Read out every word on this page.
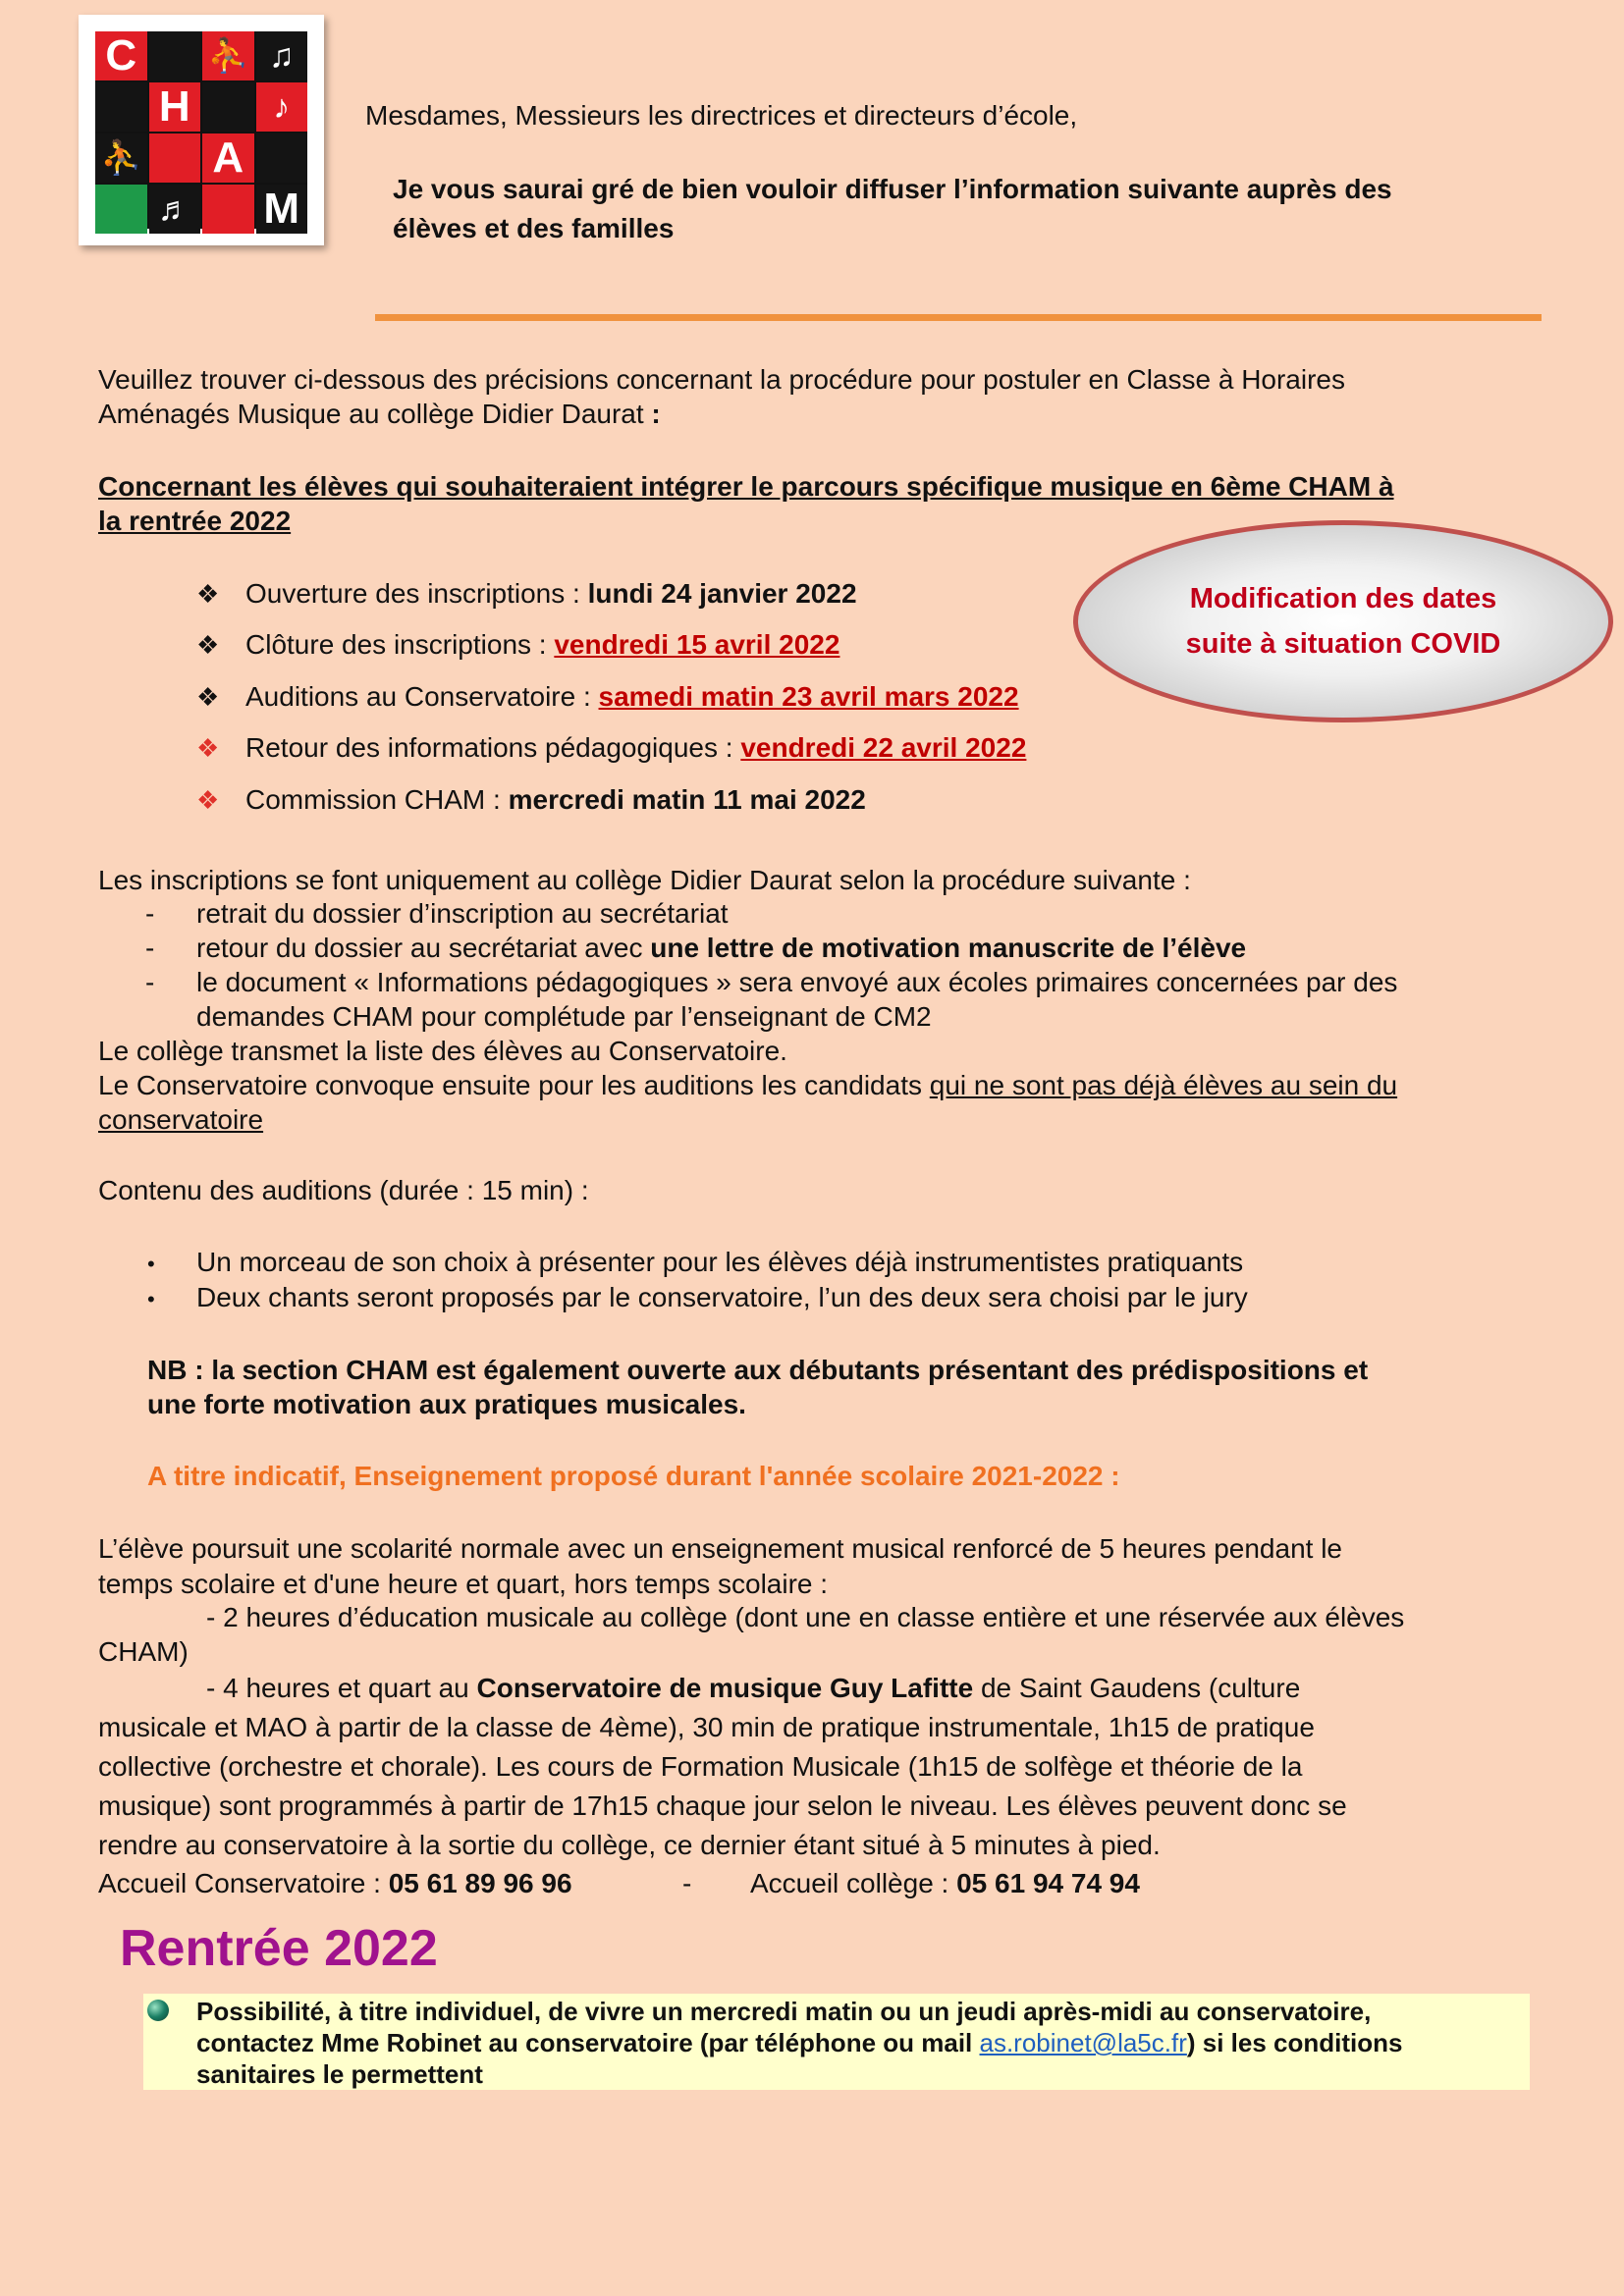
C	⛹ ♫
H	♪
⛹ A
♬ M
Mesdames, Messieurs les directrices et directeurs d’école,
Je vous saurai gré de bien vouloir diffuser l’information suivante auprès des
élèves et des familles
Veuillez trouver ci-dessous des précisions concernant la procédure pour postuler en Classe à Horaires
Aménagés Musique au collège Didier Daurat :
Concernant les élèves qui souhaiteraient intégrer le parcours spécifique musique en 6ème CHAM à
la rentrée 2022
❖ Ouverture des inscriptions : lundi 24 janvier 2022
❖ Clôture des inscriptions : vendredi 15 avril 2022
❖ Auditions au Conservatoire : samedi matin 23 avril mars 2022
❖ Retour des informations pédagogiques : vendredi 22 avril 2022
❖ Commission CHAM : mercredi matin 11 mai 2022
Modification des dates
suite à situation COVID
Les inscriptions se font uniquement au collège Didier Daurat selon la procédure suivante :
- retrait du dossier d’inscription au secrétariat
- retour du dossier au secrétariat avec une lettre de motivation manuscrite de l’élève
- le document « Informations pédagogiques » sera envoyé aux écoles primaires concernées par des
demandes CHAM pour complétude par l’enseignant de CM2
Le collège transmet la liste des élèves au Conservatoire.
Le Conservatoire convoque ensuite pour les auditions les candidats qui ne sont pas déjà élèves au sein du
conservatoire
Contenu des auditions (durée : 15 min) :
• Un morceau de son choix à présenter pour les élèves déjà instrumentistes pratiquants
• Deux chants seront proposés par le conservatoire, l’un des deux sera choisi par le jury
NB : la section CHAM est également ouverte aux débutants présentant des prédispositions et
une forte motivation aux pratiques musicales.
A titre indicatif, Enseignement proposé durant l'année scolaire 2021-2022 :
L’élève poursuit une scolarité normale avec un enseignement musical renforcé de 5 heures pendant le
temps scolaire et d'une heure et quart, hors temps scolaire :
- 2 heures d’éducation musicale au collège (dont une en classe entière et une réservée aux élèves
CHAM)
- 4 heures et quart au Conservatoire de musique Guy Lafitte de Saint Gaudens (culture
musicale et MAO à partir de la classe de 4ème), 30 min de pratique instrumentale, 1h15 de pratique
collective (orchestre et chorale). Les cours de Formation Musicale (1h15 de solfège et théorie de la
musique) sont programmés à partir de 17h15 chaque jour selon le niveau. Les élèves peuvent donc se
rendre au conservatoire à la sortie du collège, ce dernier étant situé à 5 minutes à pied.
Accueil Conservatoire : 05 61 89 96 96	- Accueil collège : 05 61 94 74 94
Rentrée 2022
Possibilité, à titre individuel, de vivre un mercredi matin ou un jeudi après-midi au conservatoire,
contactez Mme Robinet au conservatoire (par téléphone ou mail as.robinet@la5c.fr) si les conditions
sanitaires le permettent
